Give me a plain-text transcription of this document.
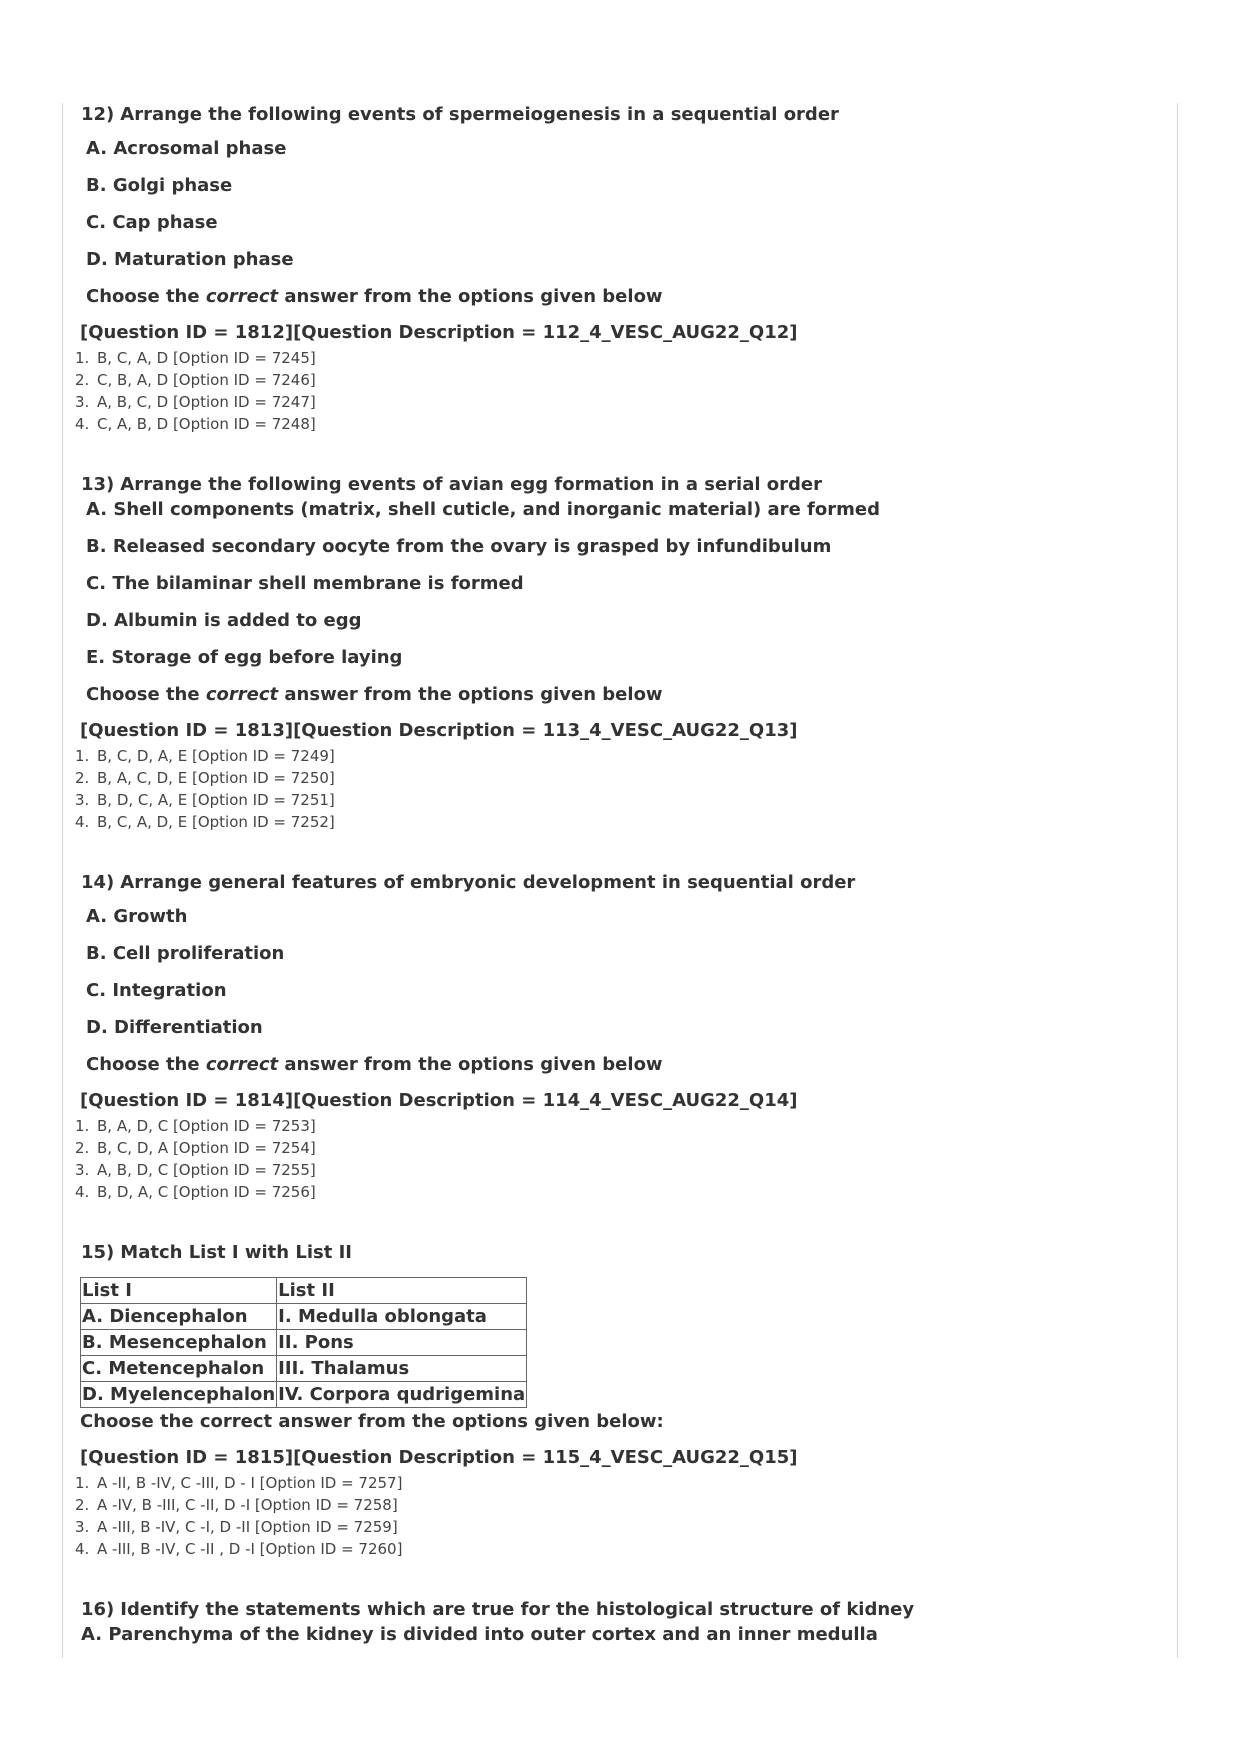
12) Arrange the following events of spermeiogenesis in a sequential order
A. Acrosomal phase
B. Golgi phase
C. Cap phase
D. Maturation phase
Choose the correct answer from the options given below
[Question ID = 1812][Question Description = 112_4_VESC_AUG22_Q12]
1. B, C, A, D [Option ID = 7245]
2. C, B, A, D [Option ID = 7246]
3. A, B, C, D [Option ID = 7247]
4. C, A, B, D [Option ID = 7248]
13) Arrange the following events of avian egg formation in a serial order
A. Shell components (matrix, shell cuticle, and inorganic material) are formed
B. Released secondary oocyte from the ovary is grasped by infundibulum
C. The bilaminar shell membrane is formed
D. Albumin is added to egg
E. Storage of egg before laying
Choose the correct answer from the options given below
[Question ID = 1813][Question Description = 113_4_VESC_AUG22_Q13]
1. B, C, D, A, E [Option ID = 7249]
2. B, A, C, D, E [Option ID = 7250]
3. B, D, C, A, E [Option ID = 7251]
4. B, C, A, D, E [Option ID = 7252]
14) Arrange general features of embryonic development in sequential order
A. Growth
B. Cell proliferation
C. Integration
D. Differentiation
Choose the correct answer from the options given below
[Question ID = 1814][Question Description = 114_4_VESC_AUG22_Q14]
1. B, A, D, C [Option ID = 7253]
2. B, C, D, A [Option ID = 7254]
3. A, B, D, C [Option ID = 7255]
4. B, D, A, C [Option ID = 7256]
15) Match List I with List II
List I	List II
A. Diencephalon	I. Medulla oblongata
B. Mesencephalon	II. Pons
C. Metencephalon	III. Thalamus
D. Myelencephalon	IV. Corpora qudrigemina
Choose the correct answer from the options given below:
[Question ID = 1815][Question Description = 115_4_VESC_AUG22_Q15]
1. A -II, B -IV, C -III, D - I [Option ID = 7257]
2. A -IV, B -III, C -II, D -I [Option ID = 7258]
3. A -III, B -IV, C -I, D -II [Option ID = 7259]
4. A -III, B -IV, C -II , D -I [Option ID = 7260]
16) Identify the statements which are true for the histological structure of kidney
A. Parenchyma of the kidney is divided into outer cortex and an inner medulla
